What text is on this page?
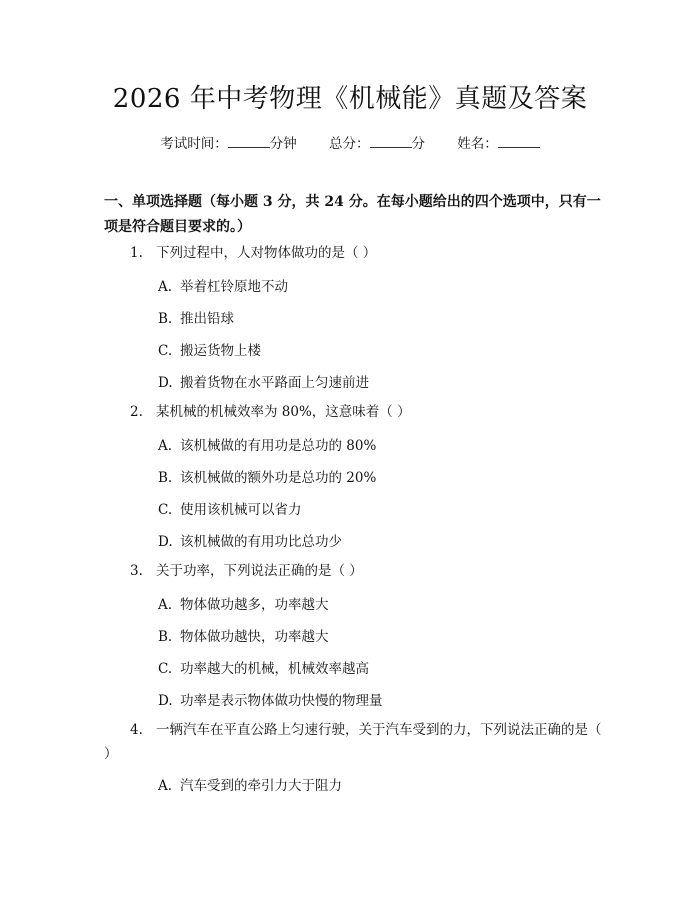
2026 年中考物理《机械能》真题及答案
考试时间：	分钟 总分：	分 姓名：
一、单项选择题（每小题 3 分，共 24 分。在每小题给出的四个选项中，只有一项是符合题目要求的。）
1. 下列过程中，人对物体做功的是（ ）
A. 举着杠铃原地不动
B. 推出铅球
C. 搬运货物上楼
D. 搬着货物在水平路面上匀速前进
2. 某机械的机械效率为 80%，这意味着（ ）
A. 该机械做的有用功是总功的 80%
B. 该机械做的额外功是总功的 20%
C. 使用该机械可以省力
D. 该机械做的有用功比总功少
3. 关于功率，下列说法正确的是（ ）
A. 物体做功越多，功率越大
B. 物体做功越快，功率越大
C. 功率越大的机械，机械效率越高
D. 功率是表示物体做功快慢的物理量
4. 一辆汽车在平直公路上匀速行驶，关于汽车受到的力，下列说法正确的是（ ）
A. 汽车受到的牵引力大于阻力
